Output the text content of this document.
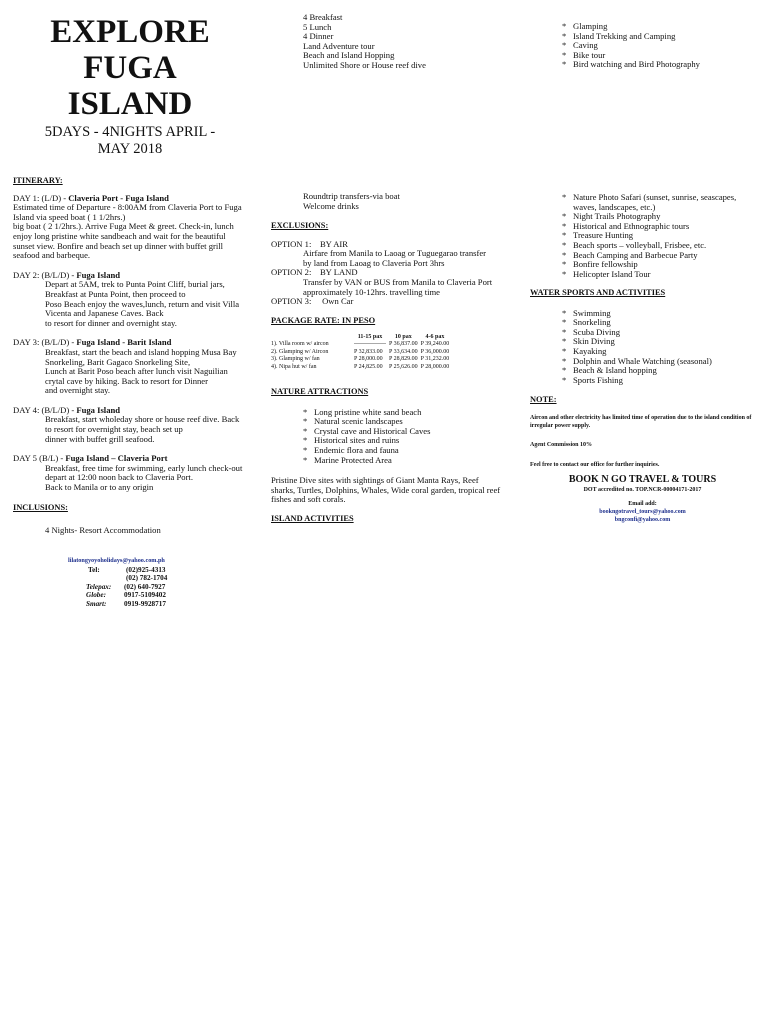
EXPLORE
FUGA
ISLAND
5DAYS - 4NIGHTS APRIL - MAY 2018
ITINERARY:
DAY 1: (L/D) - Claveria Port - Fuga Island
Estimated time of Departure - 8:00AM from Claveria Port to Fuga Island via speed boat ( 1 1/2hrs.)
big boat ( 2 1/2hrs.). Arrive Fuga Meet & greet. Check-in, lunch enjoy long pristine white sandbeach and wait for the beautiful sunset view. Bonfire and beach set up dinner with buffet grill seafood and barbeque.
DAY 2: (B/L/D) - Fuga Island
Depart at 5AM, trek to Punta Point Cliff, burial jars, Breakfast at Punta Point, then proceed to
Poso Beach enjoy the waves,lunch, return and visit Villa Vicenta and Japanese Caves. Back
to resort for dinner and overnight stay.
DAY 3: (B/L/D) - Fuga Island - Barit Island
Breakfast, start the beach and island hopping Musa Bay Snorkeling, Barit Gagaco Snorkeling Site,
Lunch at Barit Poso beach after lunch visit Naguilian crytal cave by hiking. Back to resort for Dinner
and overnight stay.
DAY 4: (B/L/D) - Fuga Island
Breakfast, start wholeday shore or house reef dive. Back to resort for overnight stay, beach set up
dinner with buffet grill seafood.
DAY 5 (B/L) - Fuga Island – Claveria Port
Breakfast, free time for swimming, early lunch check-out depart at 12:00 noon back to Claveria Port.
Back to Manila or to any origin
INCLUSIONS:
4 Nights- Resort Accommodation
lilatongyoyoholidays@yahoo.com.ph
Tel:	(02)925-4313
(02) 782-1704
Telepax:	(02) 640-7927
Globe:	0917-5109402
Smart:	0919-9928717
4 Breakfast
5 Lunch
4 Dinner
Land Adventure tour
Beach and Island Hopping
Unlimited Shore or House reef dive
Roundtrip transfers-via boat
Welcome drinks
EXCLUSIONS:
OPTION 1: BY AIR
Airfare from Manila to Laoag or Tuguegarao transfer by land from Laoag to Claveria Port 3hrs
OPTION 2: BY LAND
Transfer by VAN or BUS from Manila to Claveria Port approximately 10-12hrs. travelling time
OPTION 3: Own Car
PACKAGE RATE: IN PESO
	11-15 pax	10 pax	4-6 pax
1). Villa room w/ aircon	----------------	P 36,837.00	P 39,240.00
2). Glamping w/ Aircon	P 32,833.00	P 33,634.00	P 36,000.00
3). Glamping w/ fan	P 28,000.00	P 28,829.00	P 31,232.00
4). Nipa hut w/ fan	P 24,825.00	P 25,626.00	P 28,000.00
NATURE ATTRACTIONS
* Long pristine white sand beach
* Natural scenic landscapes
* Crystal cave and Historical Caves
* Historical sites and ruins
* Endemic flora and fauna
* Marine Protected Area
Pristine Dive sites with sightings of Giant Manta Rays, Reef sharks, Turtles, Dolphins, Whales, Wide coral garden, tropical reef fishes and soft corals.
ISLAND ACTIVITIES
* Glamping
* Island Trekking and Camping
* Caving
* Bike tour
* Bird watching and Bird Photography
* Nature Photo Safari (sunset, sunrise, seascapes, waves, landscapes, etc.)
* Night Trails Photography
* Historical and Ethnographic tours
* Treasure Hunting
* Beach sports – volleyball, Frisbee, etc.
* Beach Camping and Barbecue Party
* Bonfire fellowship
* Helicopter Island Tour
WATER SPORTS AND ACTIVITIES
* Swimming
* Snorkeling
* Scuba Diving
* Skin Diving
* Kayaking
* Dolphin and Whale Watching (seasonal)
* Beach & Island hopping
* Sports Fishing
NOTE:
Aircon and other electricity has limited time of operation due to the island condition of irregular power supply.
Agent Commission 10%
Feel free to contact our office for further inquiries.
BOOK N GO TRAVEL & TOURS
DOT accredited no. TOP.NCR-00004171-2017
Email add:
bookngotravel_tours@yahoo.com
bngconfi@yahoo.com
